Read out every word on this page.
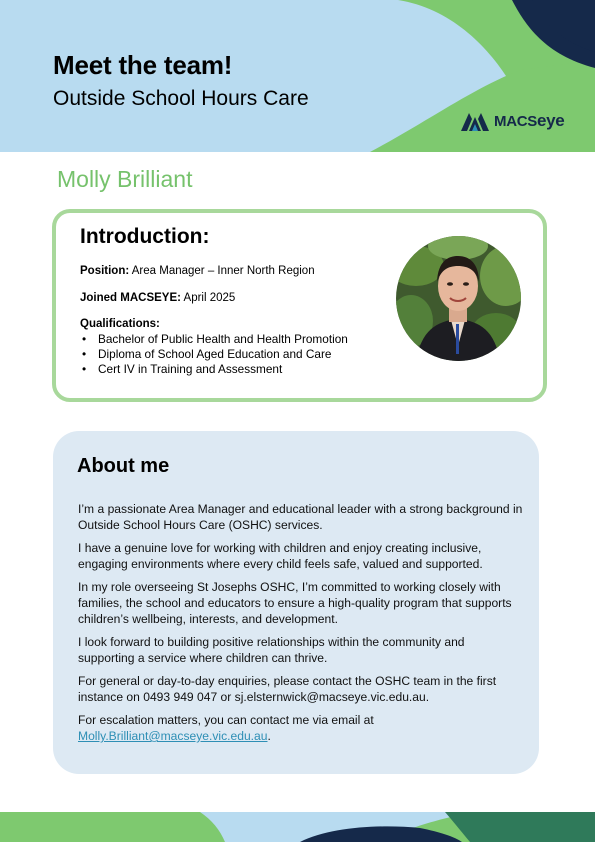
Meet the team!
Outside School Hours Care
MACSeye
Molly Brilliant
Introduction:

Position: Area Manager – Inner North Region

Joined MACSEYE: April 2025

Qualifications:

• Bachelor of Public Health and Health Promotion
• Diploma of School Aged Education and Care
• Cert IV in Training and Assessment
About me

I’m a passionate Area Manager and educational leader with a strong background in Outside School Hours Care (OSHC) services.

I have a genuine love for working with children and enjoy creating inclusive, engaging environments where every child feels safe, valued and supported.

In my role overseeing St Josephs OSHC, I’m committed to working closely with families, the school and educators to ensure a high-quality program that supports children’s wellbeing, interests, and development.

I look forward to building positive relationships within the community and supporting a service where children can thrive.

For general or day-to-day enquiries, please contact the OSHC team in the first instance on 0493 949 047 or sj.elsternwick@macseye.vic.edu.au.

For escalation matters, you can contact me via email at
Molly.Brilliant@macseye.vic.edu.au.
